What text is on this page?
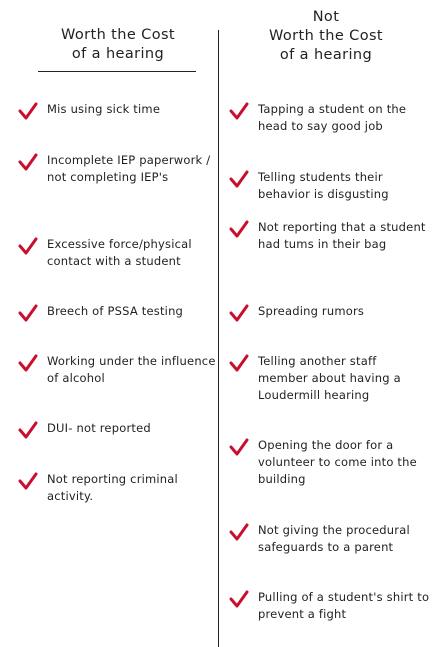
Worth the Cost
of a hearing
Not
Worth the Cost
of a hearing
Mis using sick time
Incomplete IEP paperwork / not completing IEP's
Excessive force/physical contact with a student
Breech of PSSA testing
Working under the influence of alcohol
DUI- not reported
Not reporting criminal activity.
Tapping a student on the head to say good job
Telling students their behavior is disgusting
Not reporting that a student had tums in their bag
Spreading rumors
Telling another staff member about having a Loudermill hearing
Opening the door for a volunteer to come into the building
Not giving the procedural safeguards to a parent
Pulling of a student's shirt to prevent a fight
